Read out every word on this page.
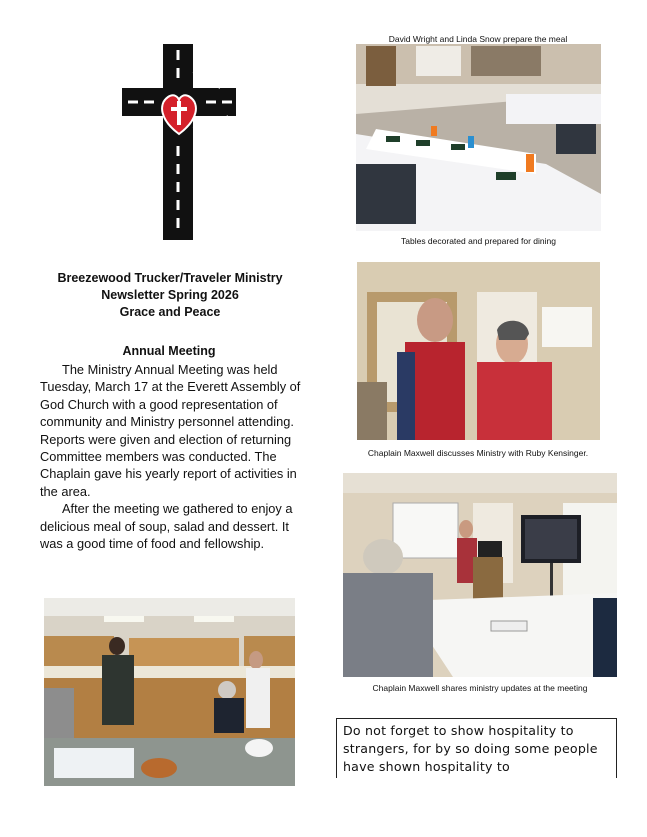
Breezewood Trucker/Traveler Ministry
Newsletter Spring 2026
Grace and Peace
Annual Meeting

The Ministry Annual Meeting was held Tuesday, March 17 at the Everett Assembly of God Church with a good representation of community and Ministry personnel attending. Reports were given and election of returning Committee members was conducted. The Chaplain gave his yearly report of activities in the area.

After the meeting we gathered to enjoy a delicious meal of soup, salad and dessert. It was a good time of food and fellowship.

David Wright and Linda Snow prepare the meal
Tables decorated and prepared for dining
Chaplain Maxwell discusses Ministry with Ruby Kensinger.
Chaplain Maxwell shares ministry updates at the meeting
Do not forget to show hospitality to strangers, for by so doing some people have shown hospitality to
